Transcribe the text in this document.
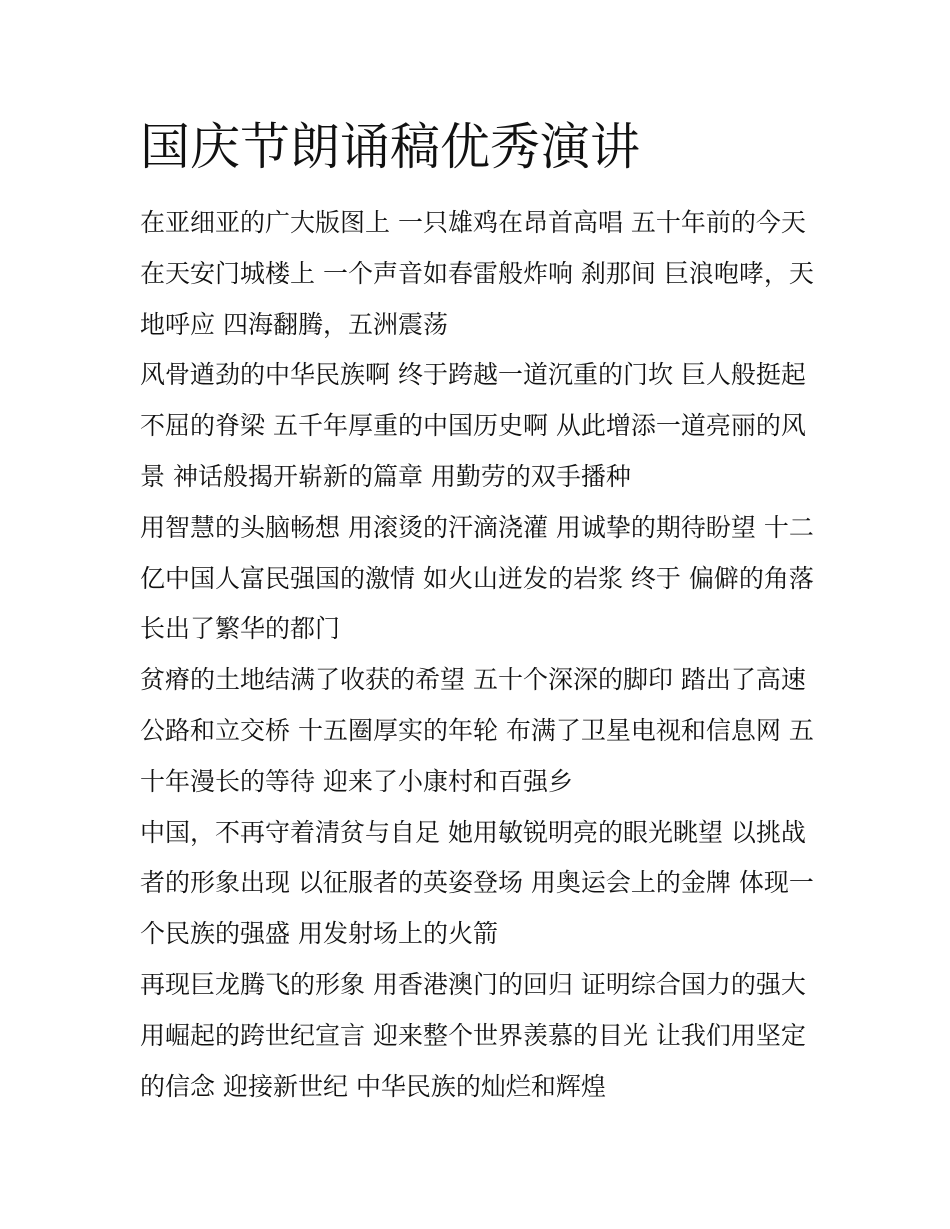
国庆节朗诵稿优秀演讲
在亚细亚的广大版图上 一只雄鸡在昂首高唱 五十年前的今天
在天安门城楼上 一个声音如春雷般炸响 刹那间 巨浪咆哮，天
地呼应 四海翻腾，五洲震荡
风骨遒劲的中华民族啊 终于跨越一道沉重的门坎 巨人般挺起
不屈的脊梁 五千年厚重的中国历史啊 从此增添一道亮丽的风
景 神话般揭开崭新的篇章 用勤劳的双手播种
用智慧的头脑畅想 用滚烫的汗滴浇灌 用诚挚的期待盼望 十二
亿中国人富民强国的激情 如火山迸发的岩浆 终于 偏僻的角落
长出了繁华的都门
贫瘠的土地结满了收获的希望 五十个深深的脚印 踏出了高速
公路和立交桥 十五圈厚实的年轮 布满了卫星电视和信息网 五
十年漫长的等待 迎来了小康村和百强乡
中国，不再守着清贫与自足 她用敏锐明亮的眼光眺望 以挑战
者的形象出现 以征服者的英姿登场 用奥运会上的金牌 体现一
个民族的强盛 用发射场上的火箭
再现巨龙腾飞的形象 用香港澳门的回归 证明综合国力的强大
用崛起的跨世纪宣言 迎来整个世界羡慕的目光 让我们用坚定
的信念 迎接新世纪 中华民族的灿烂和辉煌
